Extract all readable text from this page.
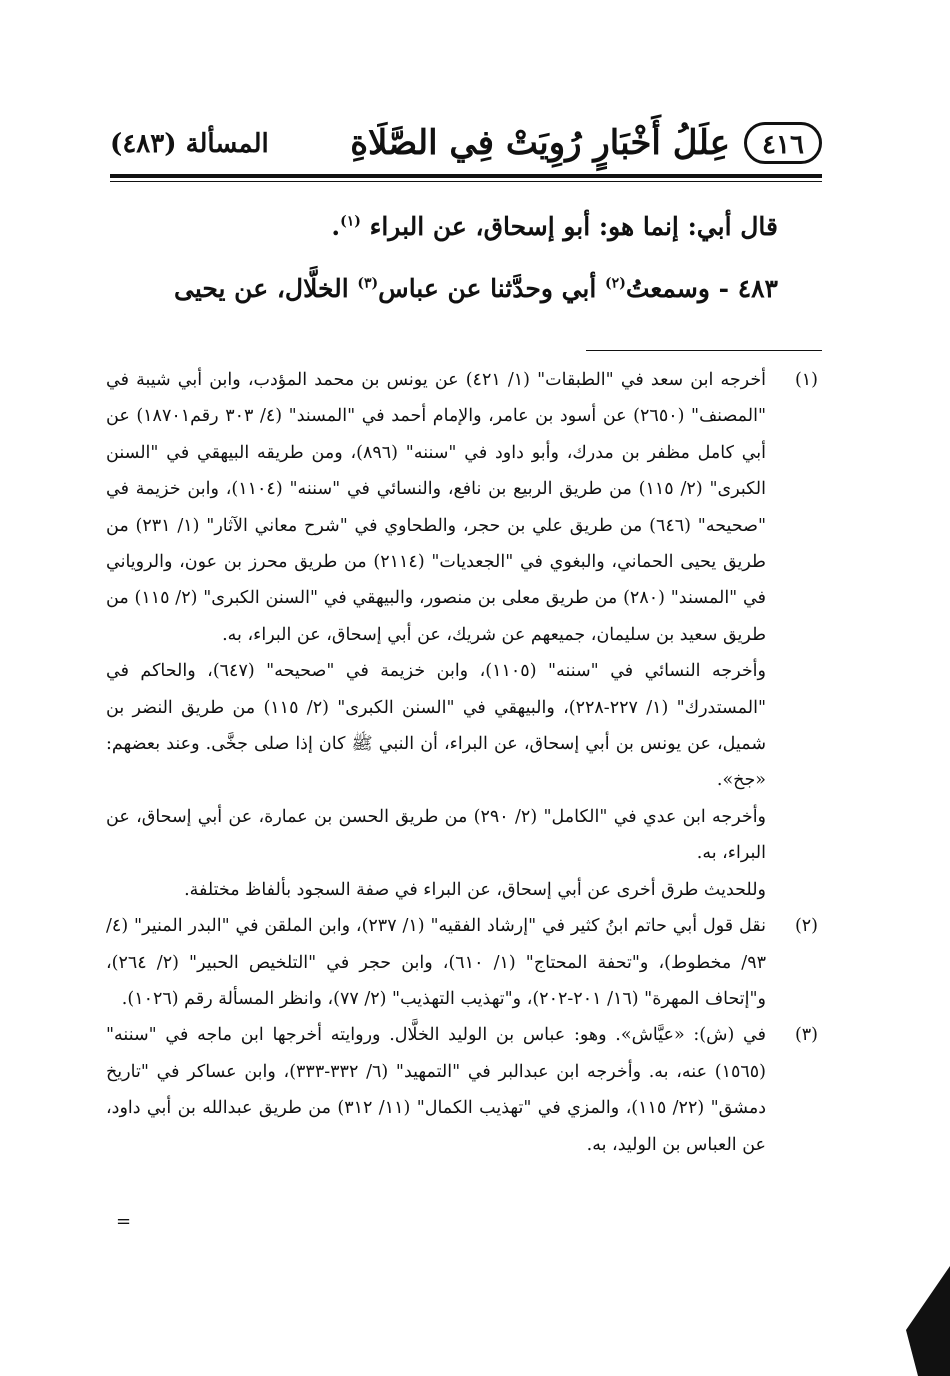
٤١٦
عِلَلُ أَخْبَارٍ رُوِيَتْ فِي الصَّلَاةِ
المسألة (٤٨٣)

قال أبي: إنما هو: أبو إسحاق، عن البراء $^{(١)}$.

٤٨٣ - وسمعتُ$^{(٢)}$ أبي وحدَّثنا عن عباس$^{(٣)}$ الخلَّال، عن يحيى

(١)

أخرجه ابن سعد في "الطبقات" (١/ ٤٢١) عن يونس بن محمد المؤدب، وابن أبي شيبة في "المصنف" (٢٦٥٠) عن أسود بن عامر، والإمام أحمد في "المسند" (٤/ ٣٠٣ رقم١٨٧٠١) عن أبي كامل مظفر بن مدرك، وأبو داود في "سننه" (٨٩٦)، ومن طريقه البيهقي في "السنن الكبرى" (٢/ ١١٥) من طريق الربيع بن نافع، والنسائي في "سننه" (١١٠٤)، وابن خزيمة في "صحيحه" (٦٤٦) من طريق علي بن حجر، والطحاوي في "شرح معاني الآثار" (١/ ٢٣١) من طريق يحيى الحماني، والبغوي في "الجعديات" (٢١١٤) من طريق محرز بن عون، والروياني في "المسند" (٢٨٠) من طريق معلى بن منصور، والبيهقي في "السنن الكبرى" (٢/ ١١٥) من طريق سعيد بن سليمان، جميعهم عن شريك، عن أبي إسحاق، عن البراء، به.

وأخرجه النسائي في "سننه" (١١٠٥)، وابن خزيمة في "صحيحه" (٦٤٧)، والحاكم في "المستدرك" (١/ ٢٢٧-٢٢٨)، والبيهقي في "السنن الكبرى" (٢/ ١١٥) من طريق النضر بن شميل، عن يونس بن أبي إسحاق، عن البراء، أن النبي ﷺ كان إذا صلى جخَّى. وعند بعضهم: «جخ».

وأخرجه ابن عدي في "الكامل" (٢/ ٢٩٠) من طريق الحسن بن عمارة، عن أبي إسحاق، عن البراء، به.

وللحديث طرق أخرى عن أبي إسحاق، عن البراء في صفة السجود بألفاظ مختلفة.

(٢)

نقل قول أبي حاتم ابنُ كثير في "إرشاد الفقيه" (١/ ٢٣٧)، وابن الملقن في "البدر المنير" (٤/ ٩٣/ مخطوط)، و"تحفة المحتاج" (١/ ٦١٠)، وابن حجر في "التلخيص الحبير" (٢/ ٢٦٤)، و"إتحاف المهرة" (١٦/ ٢٠١-٢٠٢)، و"تهذيب التهذيب" (٢/ ٧٧)، وانظر المسألة رقم (١٠٢٦).

(٣)

في (ش): «عيَّاش». وهو: عباس بن الوليد الخلَّال. وروايته أخرجها ابن ماجه في "سننه" (١٥٦٥) عنه، به. وأخرجه ابن عبدالبر في "التمهيد" (٦/ ٣٣٢-٣٣٣)، وابن عساكر في "تاريخ دمشق" (٢٢/ ١١٥)، والمزي في "تهذيب الكمال" (١١/ ٣١٢) من طريق عبدالله بن أبي داود، عن العباس بن الوليد، به.

=
